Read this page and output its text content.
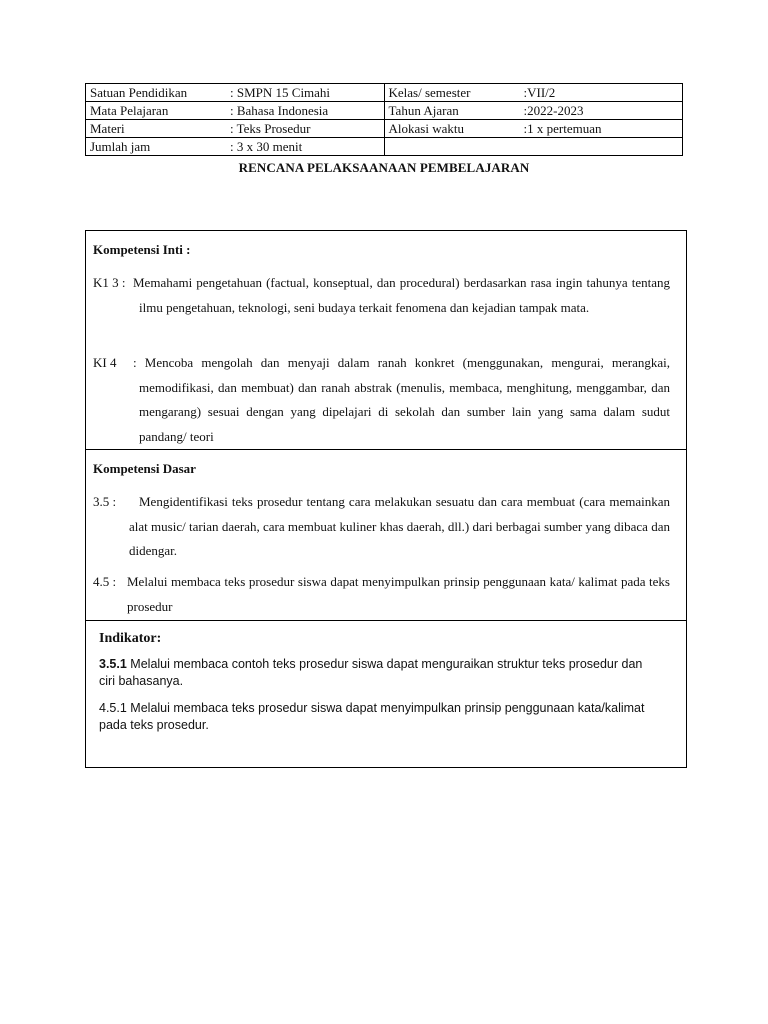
Satuan Pendidikan : SMPN 15 Cimahi	Kelas/ semester :VII/2

Mata Pelajaran : Bahasa Indonesia	Tahun Ajaran :2022-2023

Materi : Teks Prosedur	Alokasi waktu :1 x pertemuan

Jumlah jam : 3 x 30 menit	

RENCANA PELAKSAANAAN PEMBELAJARAN
Kompetensi Inti :
Kompetensi Dasar
Indikator:
K1 3 : Memahami pengetahuan (factual, konseptual, dan procedural) berdasarkan rasa ingin tahunya tentang ilmu pengetahuan, teknologi, seni budaya terkait fenomena dan kejadian tampak mata.
KI 4	: Mencoba mengolah dan menyaji dalam ranah konkret (menggunakan, mengurai, merangkai, memodifikasi, dan membuat) dan ranah abstrak (menulis, membaca, menghitung, menggambar, dan mengarang) sesuai dengan yang dipelajari di sekolah dan sumber lain yang sama dalam sudut pandang/ teori
3.5 :	Mengidentifikasi teks prosedur tentang cara melakukan sesuatu dan cara membuat (cara memainkan alat music/ tarian daerah, cara membuat kuliner khas daerah, dll.) dari berbagai sumber yang dibaca dan didengar.
4.5 : Melalui membaca teks prosedur siswa dapat menyimpulkan prinsip penggunaan kata/ kalimat pada teks prosedur
3.5.1 Melalui membaca contoh teks prosedur siswa dapat menguraikan struktur teks prosedur dan ciri bahasanya.
4.5.1 Melalui membaca teks prosedur siswa dapat menyimpulkan prinsip penggunaan kata/kalimat pada teks prosedur.
